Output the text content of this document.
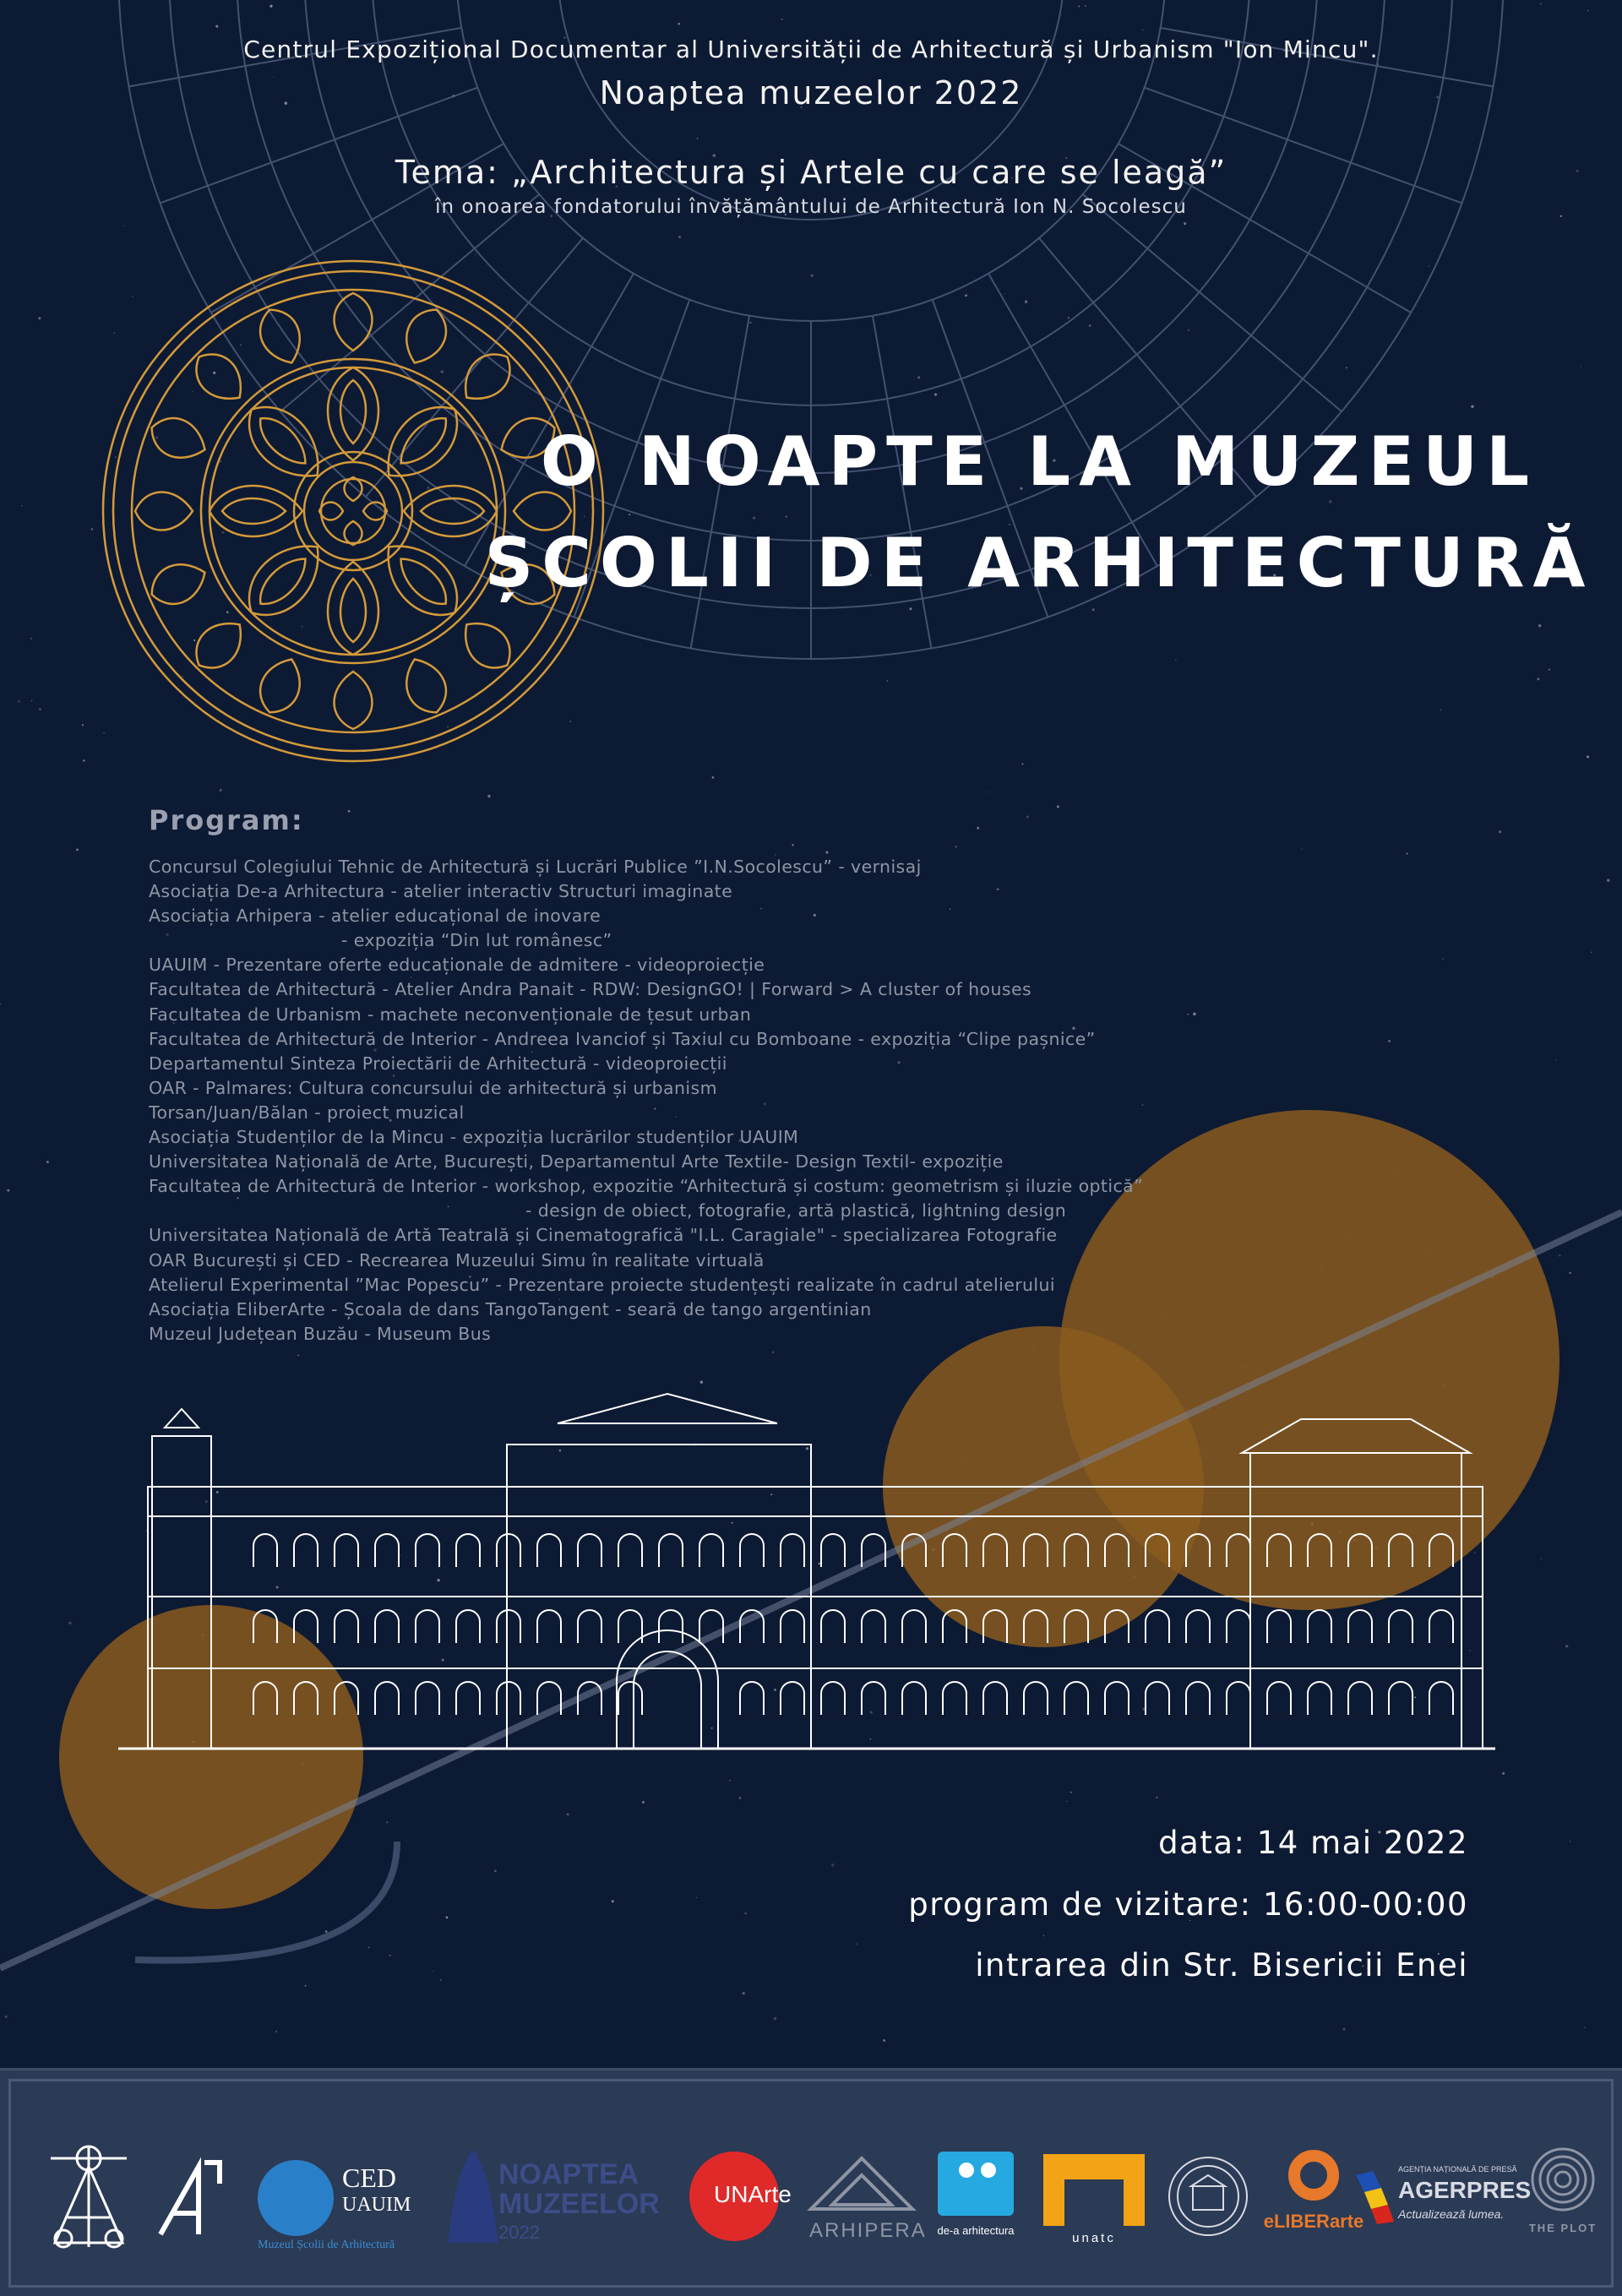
Centrul Expozițional Documentar al Universității de Arhitectură și Urbanism "Ion Mincu".
Noaptea muzeelor 2022
Tema: „Architectura și Artele cu care se leagă”
în onoarea fondatorului învățământului de Arhitectură Ion N. Socolescu
O NOAPTE LA MUZEUL
ȘCOLII DE ARHITECTURĂ
Program:
Concursul Colegiului Tehnic de Arhitectură și Lucrări Publice ”I.N.Socolescu” - vernisaj
Asociația De-a Arhitectura - atelier interactiv Structuri imaginate
Asociația Arhipera - atelier educațional de inovare
- expoziția “Din lut românesc”
UAUIM - Prezentare oferte educaționale de admitere - videoproiecție
Facultatea de Arhitectură - Atelier Andra Panait - RDW: DesignGO! | Forward > A cluster of houses
Facultatea de Urbanism - machete neconvenționale de țesut urban
Facultatea de Arhitectură de Interior - Andreea Ivanciof și Taxiul cu Bomboane - expoziția “Clipe pașnice”
Departamentul Sinteza Proiectării de Arhitectură - videoproiecții
OAR - Palmares: Cultura concursului de arhitectură și urbanism
Torsan/Juan/Bălan - proiect muzical
Asociația Studenților de la Mincu - expoziția lucrărilor studenților UAUIM
Universitatea Națională de Arte, București, Departamentul Arte Textile- Design Textil- expoziție
Facultatea de Arhitectură de Interior - workshop, expozitie “Arhitectură și costum: geometrism și iluzie optică”
- design de obiect, fotografie, artă plastică, lightning design
Universitatea Națională de Artă Teatrală și Cinematografică "I.L. Caragiale" - specializarea Fotografie
OAR București și CED - Recrearea Muzeului Simu în realitate virtuală
Atelierul Experimental ”Mac Popescu” - Prezentare proiecte studențești realizate în cadrul atelierului
Asociația EliberArte - Școala de dans TangoTangent - seară de tango argentinian
Muzeul Județean Buzău - Museum Bus
data: 14 mai 2022
program de vizitare: 16:00-00:00
intrarea din Str. Bisericii Enei
CED
UAUIM
Muzeul Școlii de Arhitectură
NOAPTEA
MUZEELOR
2022
UNArte
ARHIPERA de-a arhitectura
unatc
eLIBERarte
AGENȚIA NAȚIONALĂ DE PRESĂ
AGERPRES
Actualizează lumea.
THE PLOT
